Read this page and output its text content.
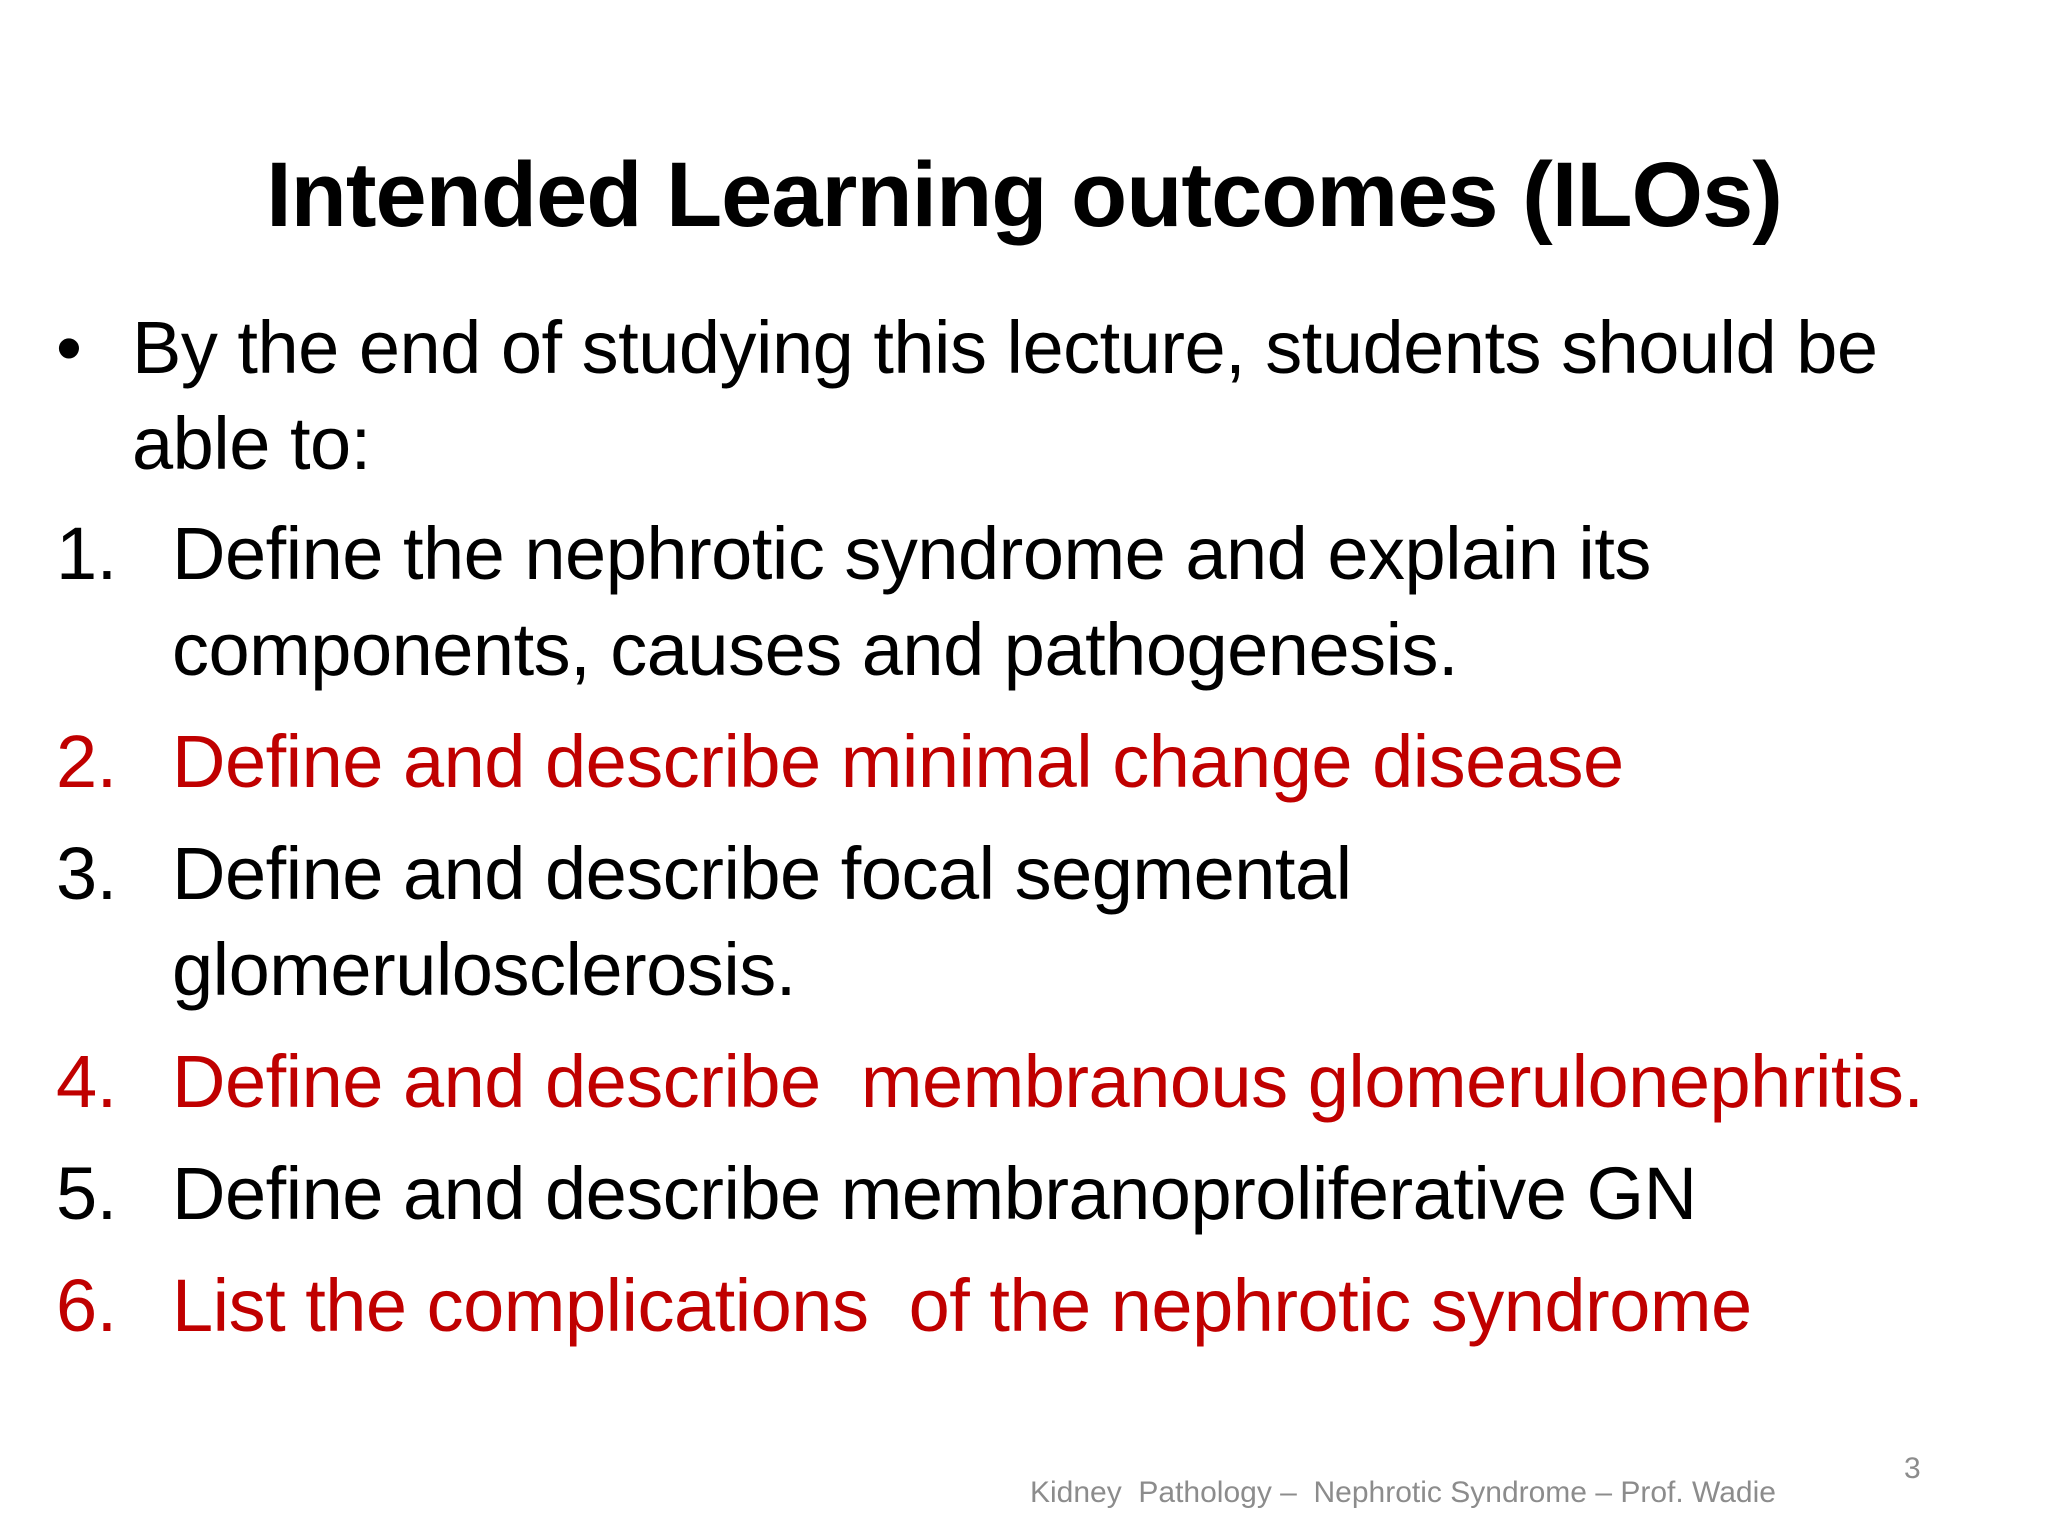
Intended Learning outcomes (ILOs)
• By the end of studying this lecture, students should be able to:
1. Define the nephrotic syndrome and explain its components, causes and pathogenesis.
2. Define and describe minimal change disease
3. Define and describe focal segmental glomerulosclerosis.
4. Define and describe  membranous glomerulonephritis.
5. Define and describe membranoproliferative GN
6. List the complications  of the nephrotic syndrome
Kidney  Pathology –  Nephrotic Syndrome – Prof. Wadie
3
